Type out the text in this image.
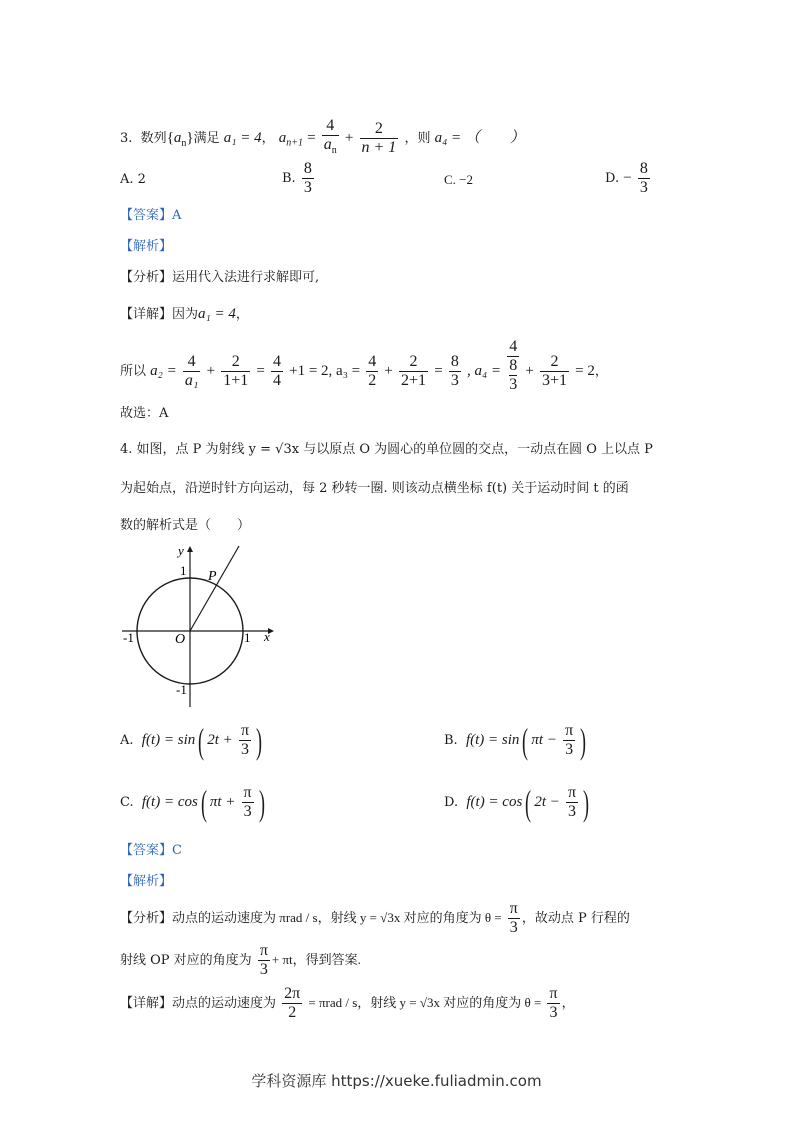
3. 数列$\{a_n\}$满足 a₁ = 4， $a_{n+1} = \frac{4}{a_n} + \frac{2}{n + 1}$ ，则 a₄ = （　　）
A. 2	B. $\frac{8}{3}$	C. −2	D. − $\frac{8}{3}$
【答案】A
【解析】
【分析】运用代入法进行求解即可,
【详解】因为a₁ = 4，
所以 $a_2 = \frac{4}{\text{a₁}} + \frac{2}{1+1} = \frac{4}{4} +1 = 2$, $a_3 = \frac{4}{2} + \frac{2}{2+1} = \frac{8}{3}$ , a₄ = 4
8
$3 + \frac{2}{3+1} = 2$，
故选：A
4. 如图，点 P 为射线 y = √3x 与以原点 O 为圆心的单位圆的交点，一动点在圆 O 上以点 P
为起始点，沿逆时针方向运动，每 2 秒转一圈. 则该动点横坐标 f(t) 关于运动时间 t 的函
数的解析式是（　　）
y
x
1
1
-1
-1
O
P
A. f(t) = sin( $2t + \frac{\pi}{3}$ )	B. f(t) = sin( $\pi t - \frac{\pi}{3}$ )
C. f(t) = cos( $\pi t + \frac{\pi}{3}$ )	D. f(t) = cos( $2t - \frac{\pi}{3}$ )
【答案】C
【解析】
【分析】动点的运动速度为 πrad / s，射线 y = √3x 对应的角度为 $\theta = \frac{\pi}{3}$ ，故动点 P 行程的
射线 OP 对应的角度为 $\frac{\pi}{3} + \pi t$，得到答案.
【详解】动点的运动速度为 $\frac{2\pi}{2} = \pi rad / s$，射线 y = √3x 对应的角度为 $\theta = \frac{\pi}{3}$ ，
学科资源库 https://xueke.fuliadmin.com
